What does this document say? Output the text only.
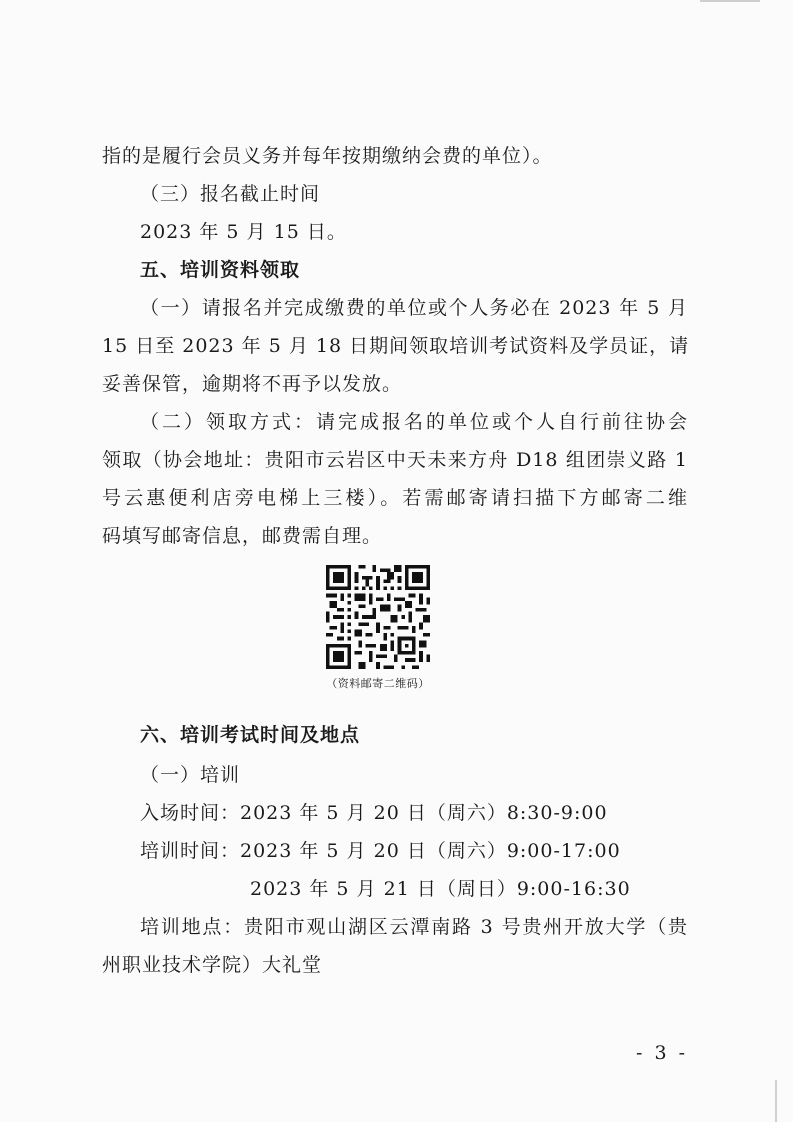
指的是履行会员义务并每年按期缴纳会费的单位）。
（三）报名截止时间
2023 年 5 月 15 日。
五、培训资料领取
（一）请报名并完成缴费的单位或个人务必在 2023 年 5 月
15 日至 2023 年 5 月 18 日期间领取培训考试资料及学员证，请
妥善保管，逾期将不再予以发放。
（二）领取方式：请完成报名的单位或个人自行前往协会
领取（协会地址：贵阳市云岩区中天未来方舟 D18 组团崇义路 1
号云惠便利店旁电梯上三楼）。若需邮寄请扫描下方邮寄二维
码填写邮寄信息，邮费需自理。
（资料邮寄二维码）
六、培训考试时间及地点
（一）培训
入场时间：2023 年 5 月 20 日（周六）8:30-9:00
培训时间：2023 年 5 月 20 日（周六）9:00-17:00
2023 年 5 月 21 日（周日）9:00-16:30
培训地点：贵阳市观山湖区云潭南路 3 号贵州开放大学（贵
州职业技术学院）大礼堂
- 3 -
